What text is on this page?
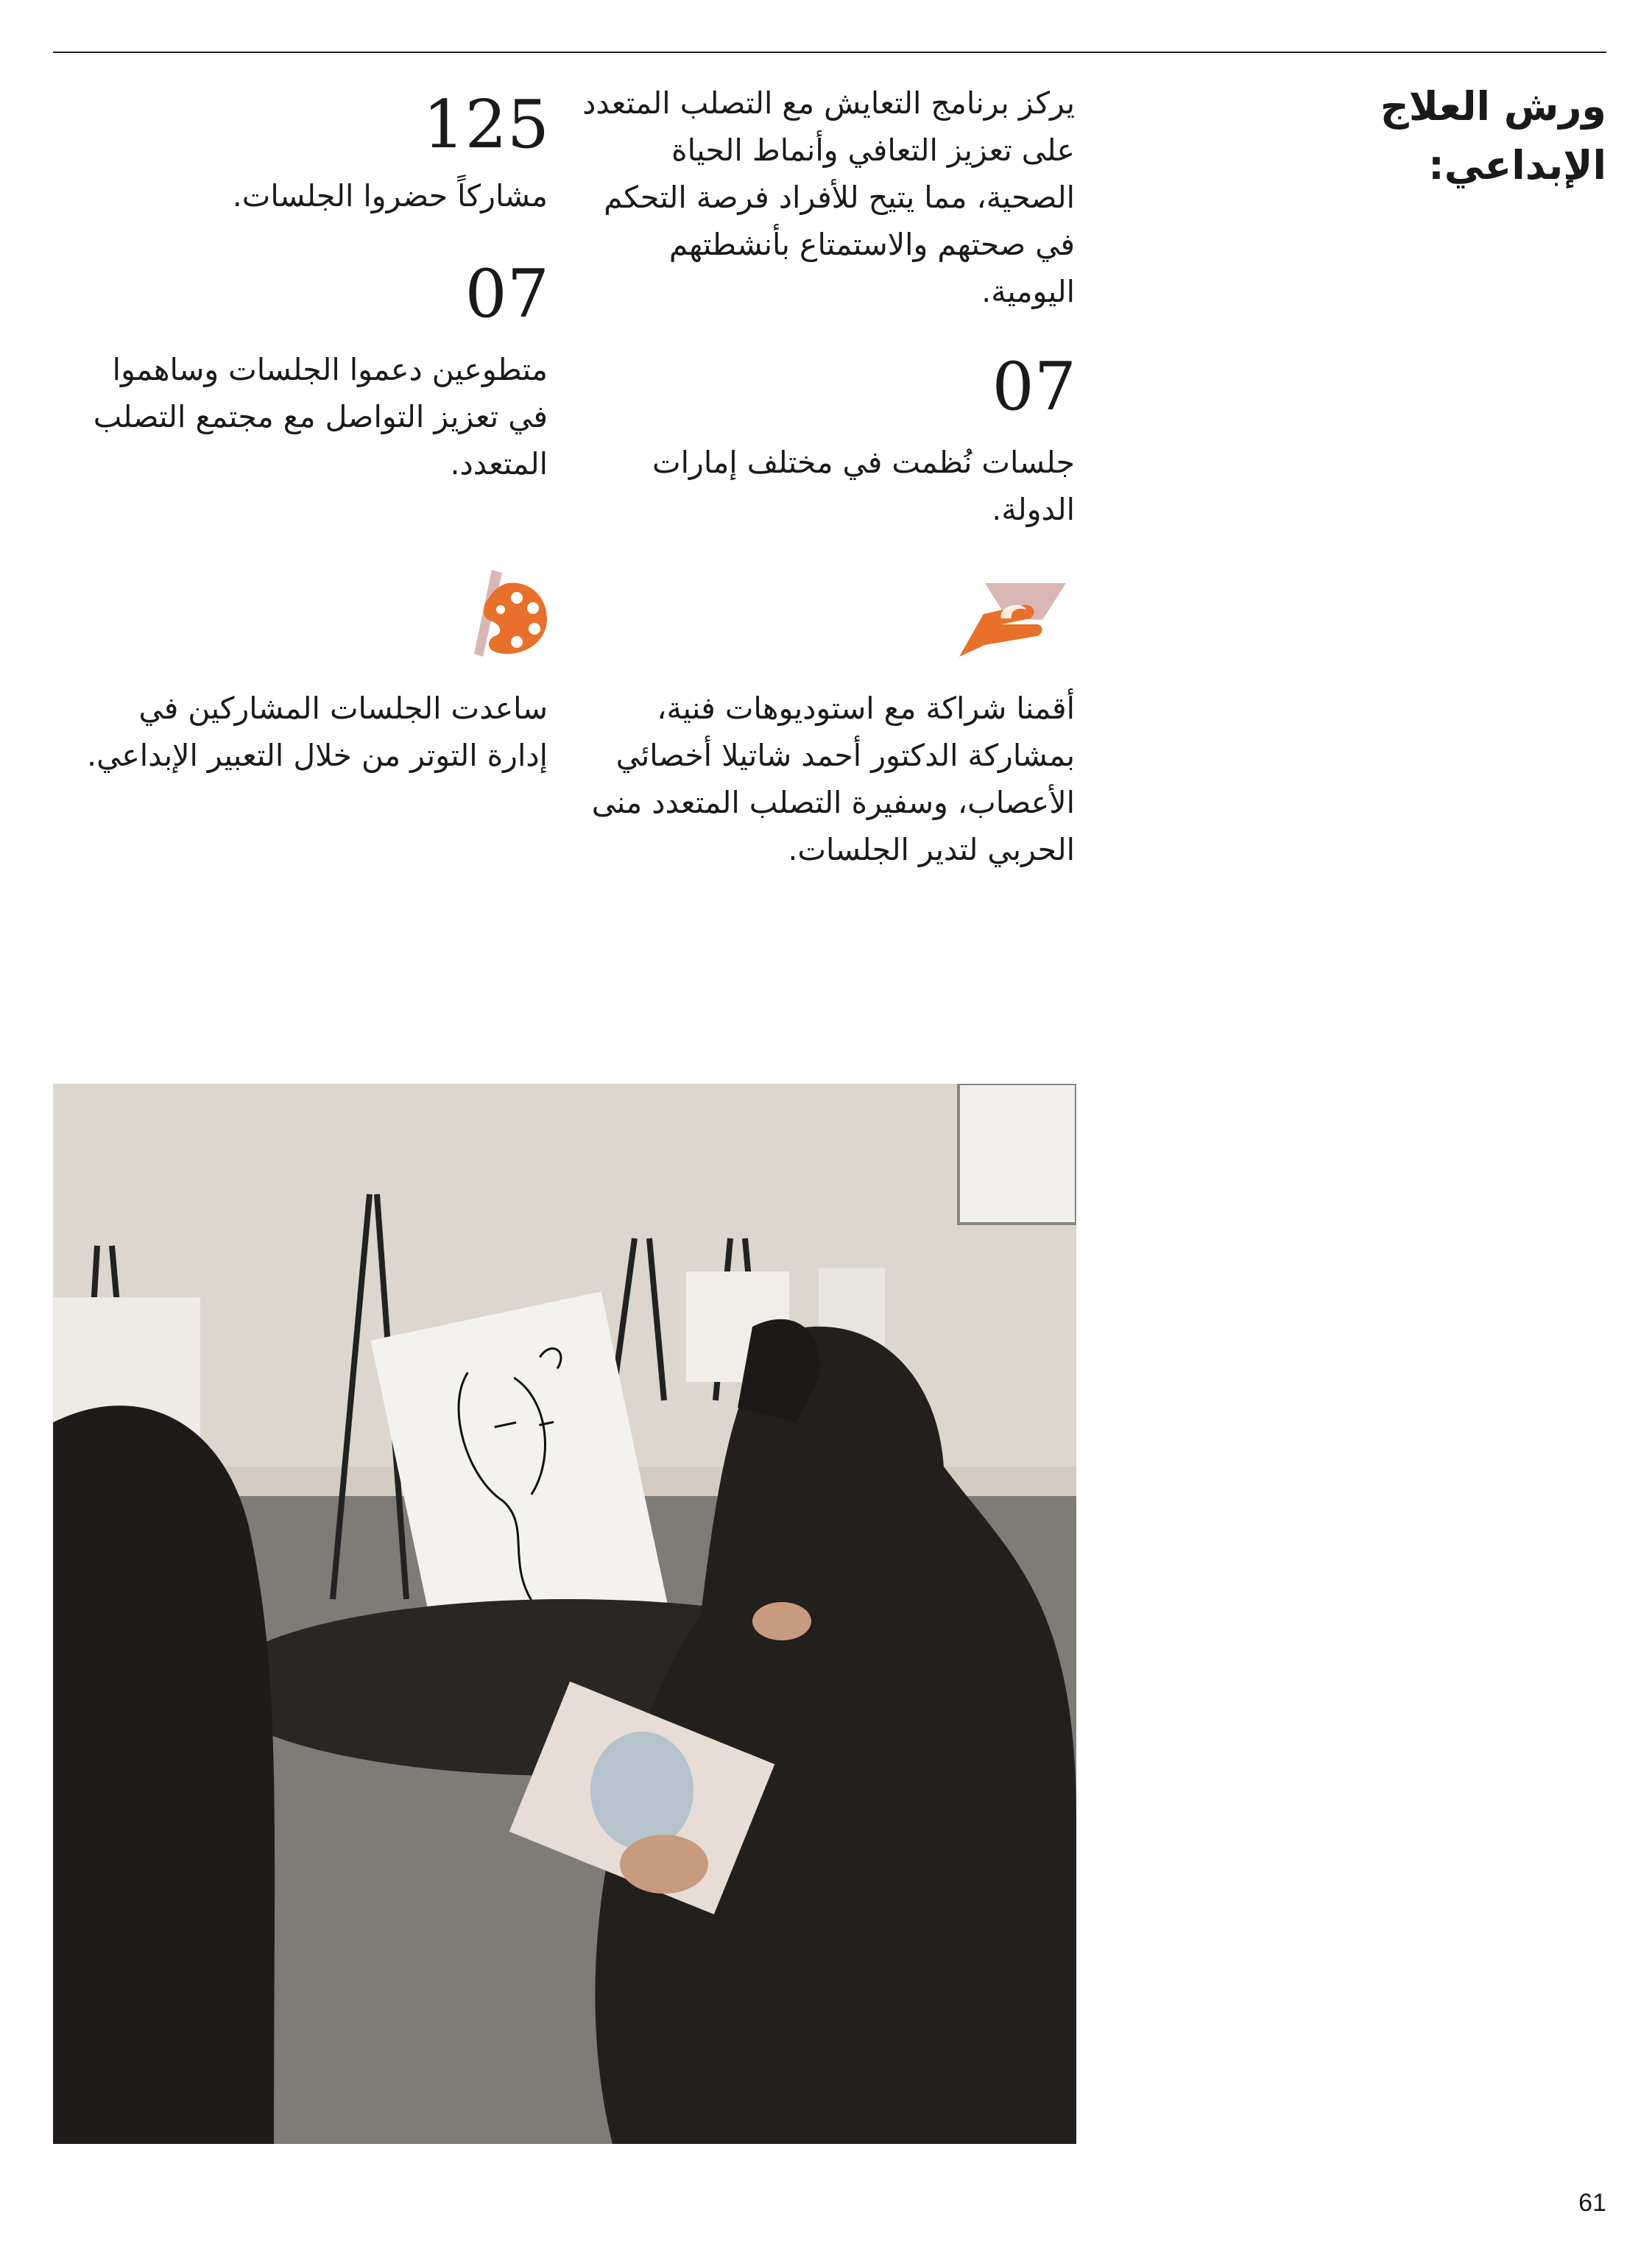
ورش العلاج الإبداعي:
يركز برنامج التعايش مع التصلب المتعدد على تعزيز التعافي وأنماط الحياة الصحية، مما يتيح للأفراد فرصة التحكم في صحتهم والاستمتاع بأنشطتهم اليومية.
07
جلسات نُظمت في مختلف إمارات الدولة.
125
مشاركاً حضروا الجلسات.
07
متطوعين دعموا الجلسات وساهموا في تعزيز التواصل مع مجتمع التصلب المتعدد.
أقمنا شراكة مع استوديوهات فنية، بمشاركة الدكتور أحمد شاتيلا أخصائي الأعصاب، وسفيرة التصلب المتعدد منى الحربي لتدير الجلسات.
ساعدت الجلسات المشاركين في إدارة التوتر من خلال التعبير الإبداعي.
61
